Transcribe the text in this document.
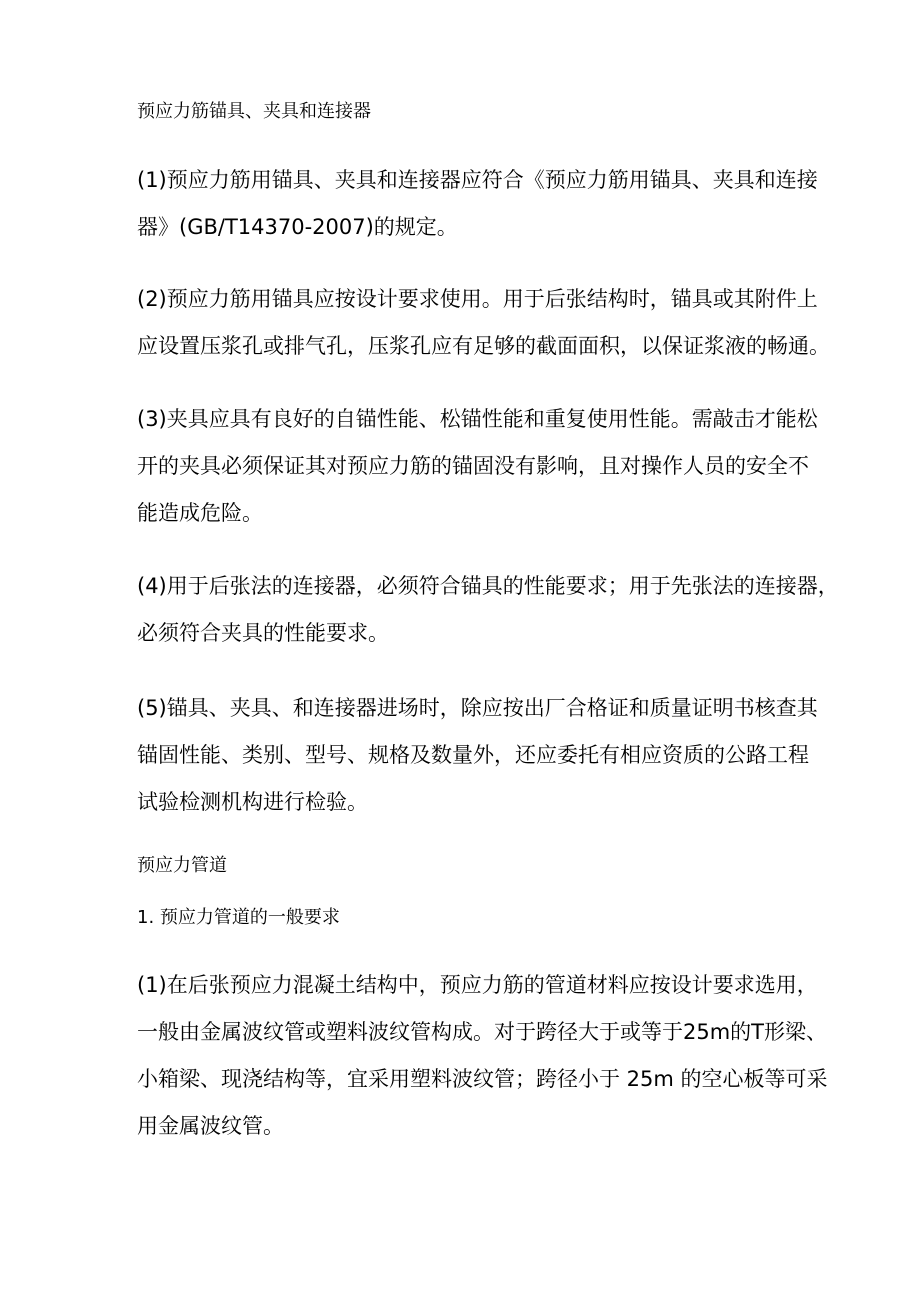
预应力筋锚具、夹具和连接器
(1)预应力筋用锚具、夹具和连接器应符合《预应力筋用锚具、夹具和连接
器》(GB/T14370-2007)的规定。
(2)预应力筋用锚具应按设计要求使用。用于后张结构时，锚具或其附件上
应设置压浆孔或排气孔，压浆孔应有足够的截面面积，以保证浆液的畅通。
(3)夹具应具有良好的自锚性能、松锚性能和重复使用性能。需敲击才能松
开的夹具必须保证其对预应力筋的锚固没有影响，且对操作人员的安全不
能造成危险。
(4)用于后张法的连接器，必须符合锚具的性能要求；用于先张法的连接器，
必须符合夹具的性能要求。
(5)锚具、夹具、和连接器进场时，除应按出厂合格证和质量证明书核查其
锚固性能、类别、型号、规格及数量外，还应委托有相应资质的公路工程
试验检测机构进行检验。
预应力管道
1. 预应力管道的一般要求
(1)在后张预应力混凝土结构中，预应力筋的管道材料应按设计要求选用，
一般由金属波纹管或塑料波纹管构成。对于跨径大于或等于25m的T形梁、
小箱梁、现浇结构等，宜采用塑料波纹管；跨径小于 25m 的空心板等可采
用金属波纹管。
